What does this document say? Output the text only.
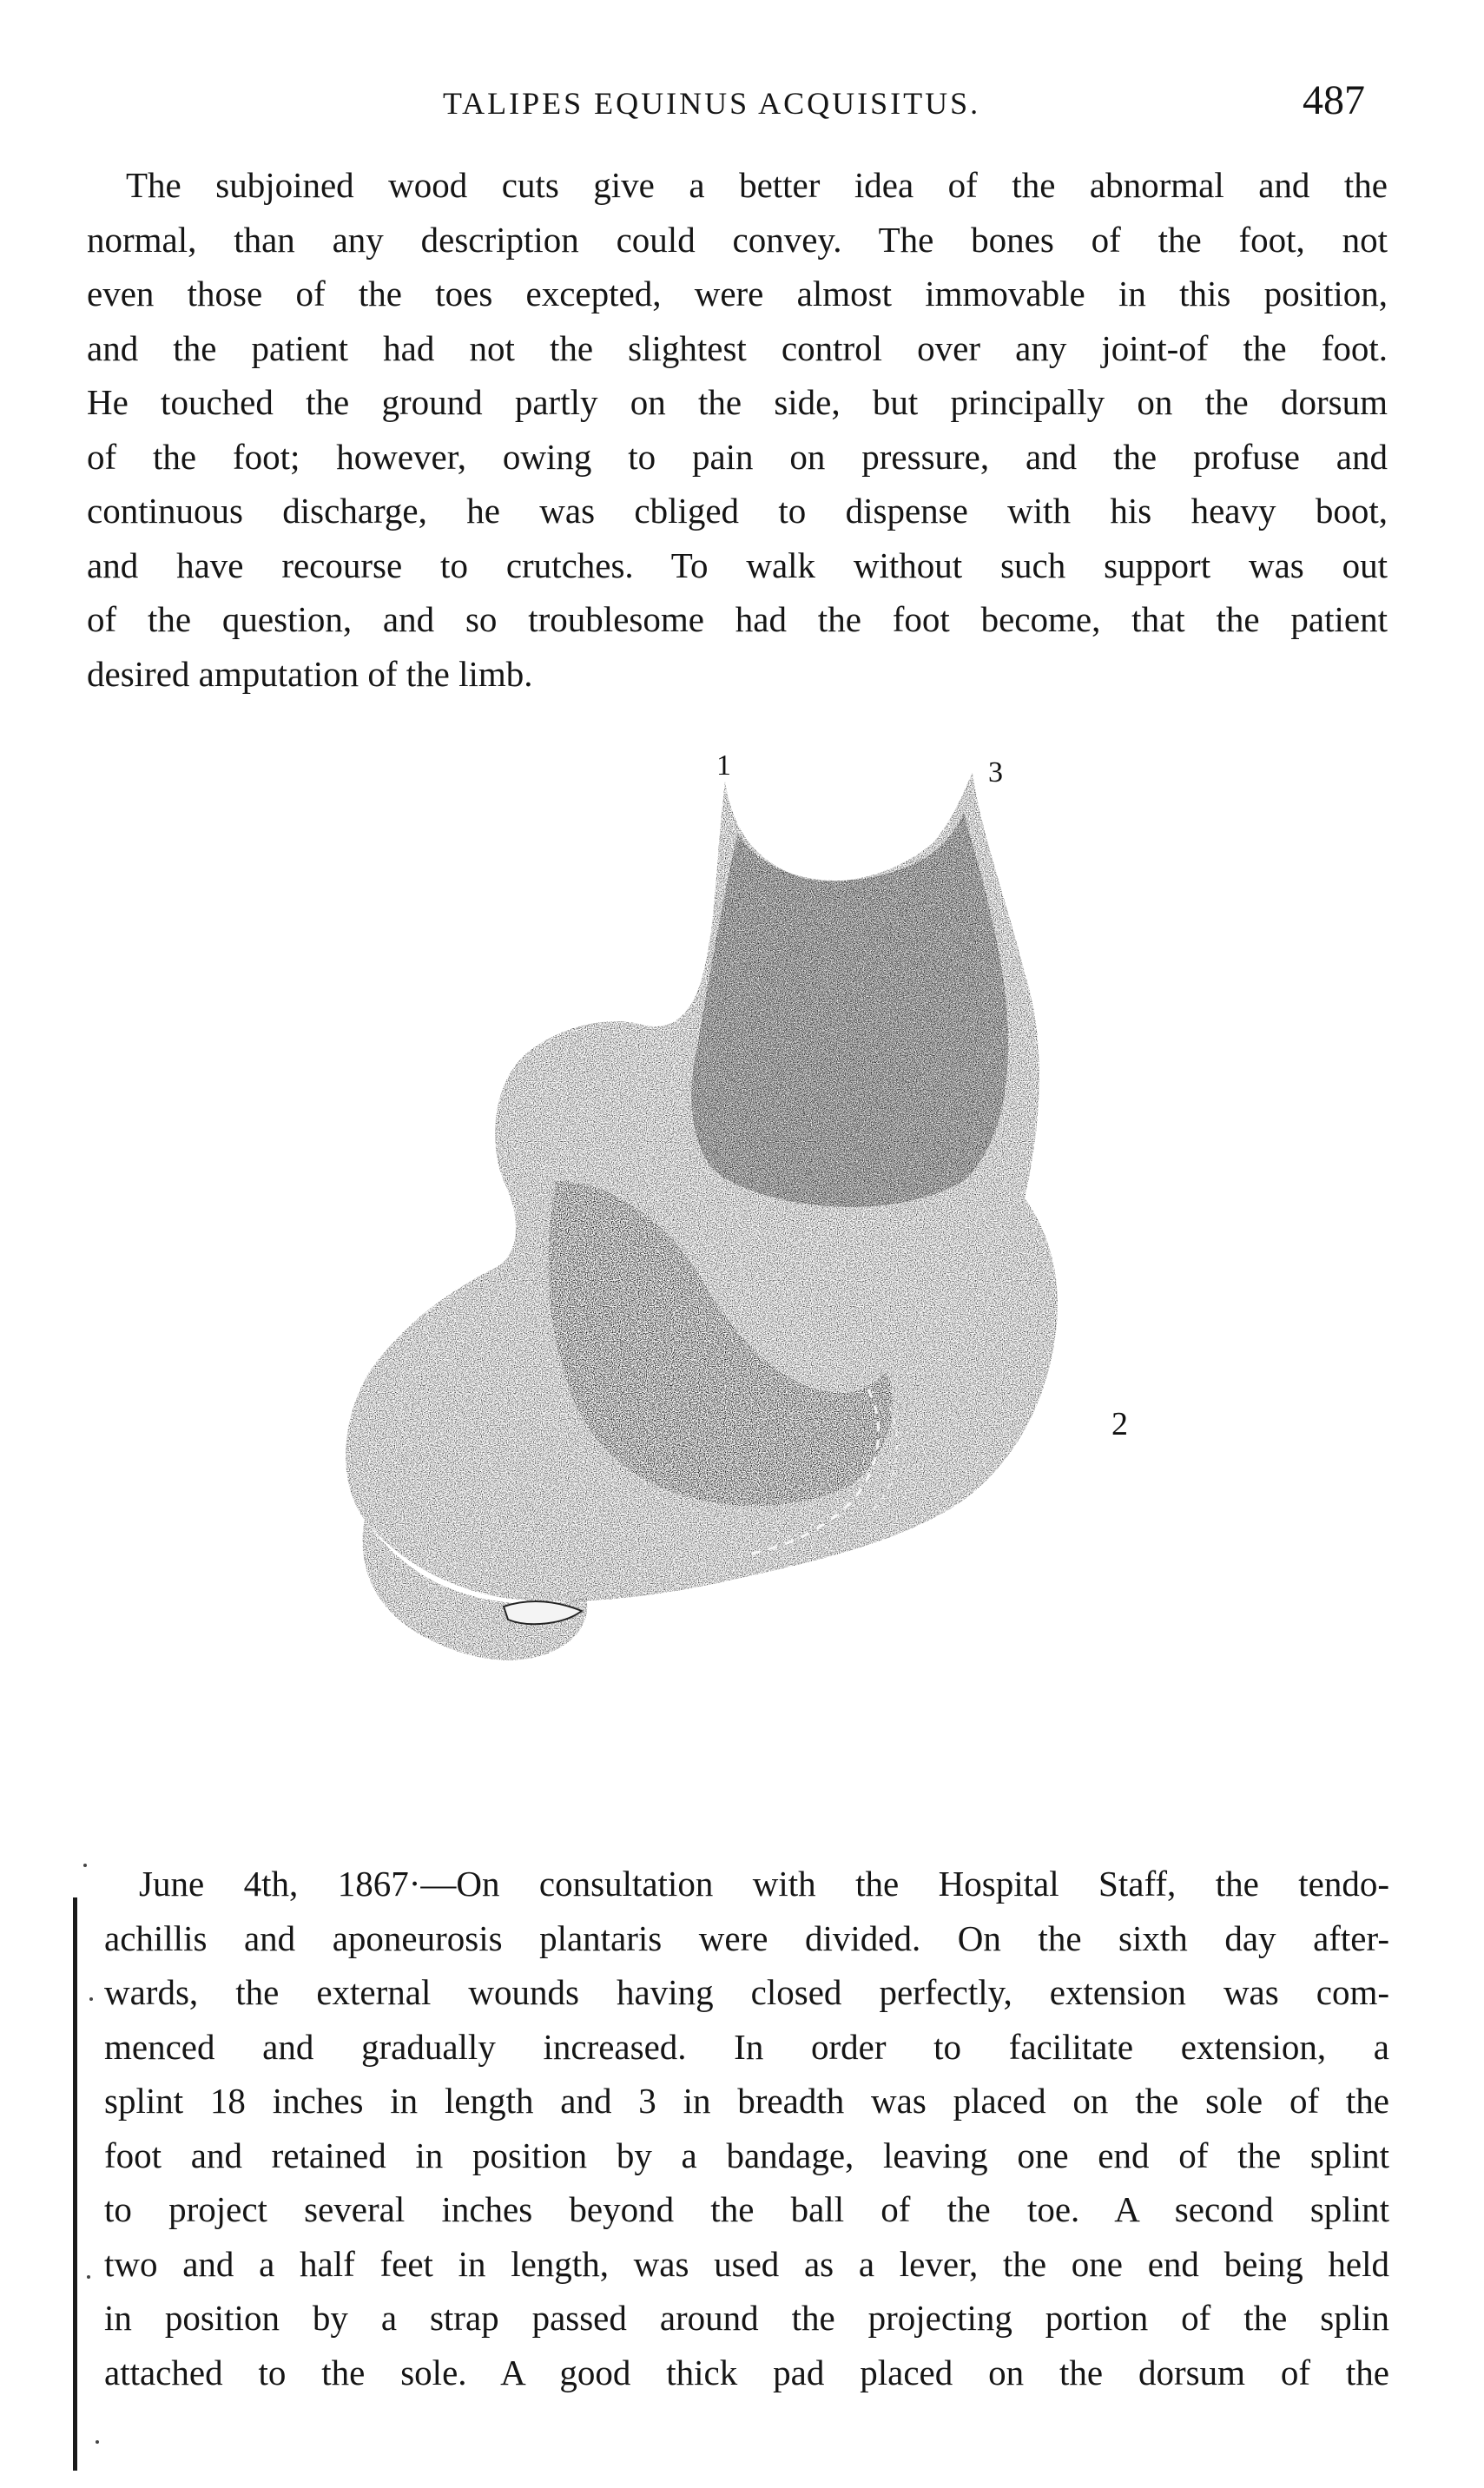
TALIPES EQUINUS ACQUISITUS.	487

The subjoined wood cuts give a better idea of the abnormal and the
normal, than any description could convey. The bones of the foot, not
even those of the toes excepted, were almost immovable in this position,
and the patient had not the slightest control over any joint-of the foot.
He touched the ground partly on the side, but principally on the dorsum
of the foot; however, owing to pain on pressure, and the profuse and
continuous discharge, he was cbliged to dispense with his heavy boot,
and have recourse to crutches. To walk without such support was out
of the question, and so troublesome had the foot become, that the patient
desired amputation of the limb.

1	3
2

June 4th, 1867·—On consultation with the Hospital Staff, the tendo-
achillis and aponeurosis plantaris were divided. On the sixth day after-
wards, the external wounds having closed perfectly, extension was com-
menced and gradually increased. In order to facilitate extension, a
splint 18 inches in length and 3 in breadth was placed on the sole of the
foot and retained in position by a bandage, leaving one end of the splint
to project several inches beyond the ball of the toe. A second splint
two and a half feet in length, was used as a lever, the one end being held
in position by a strap passed around the projecting portion of the splin
attached to the sole. A good thick pad placed on the dorsum of the
